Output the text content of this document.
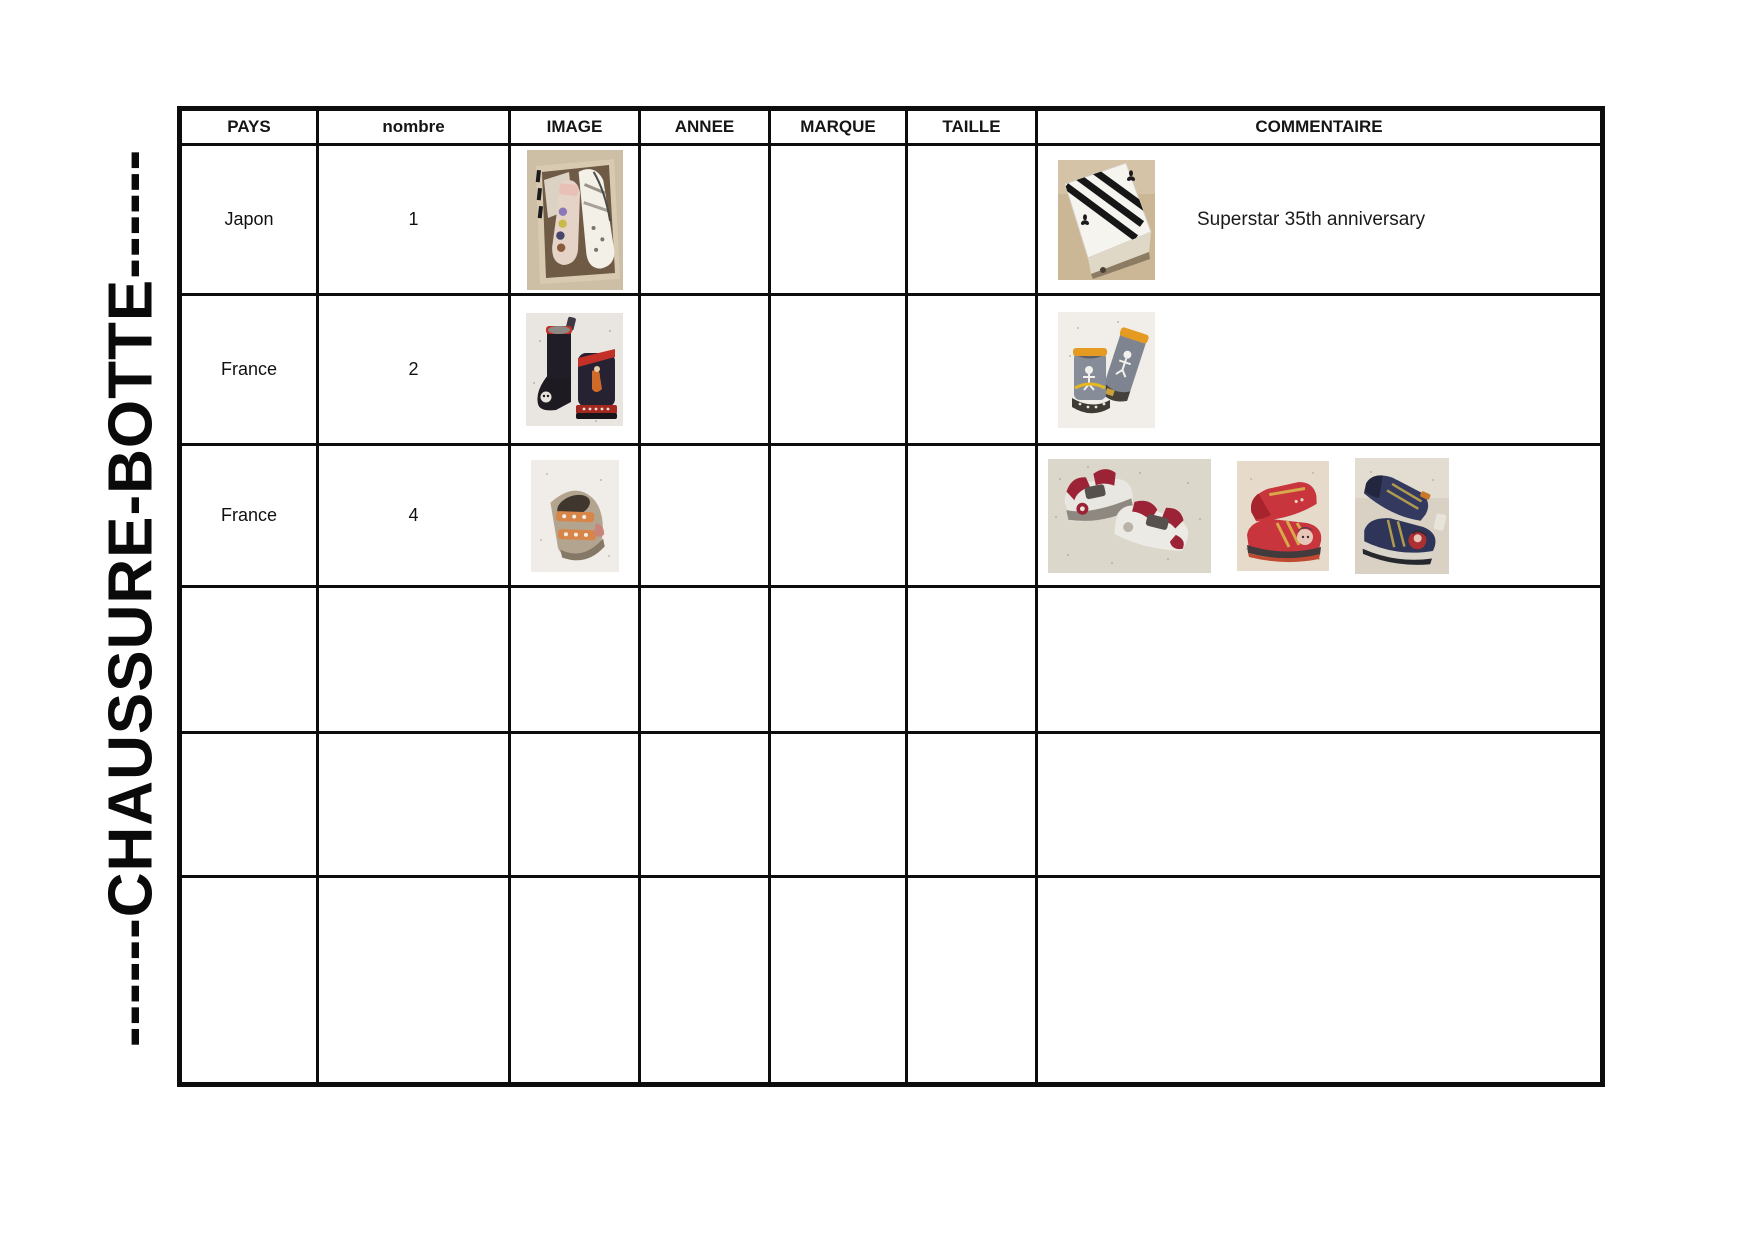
------CHAUSSURE-BOTTE------
PAYS	nombre	IMAGE	ANNEE	MARQUE	TAILLE	COMMENTAIRE
Japon	1					Superstar 35th anniversary

France	2	

France	4	
